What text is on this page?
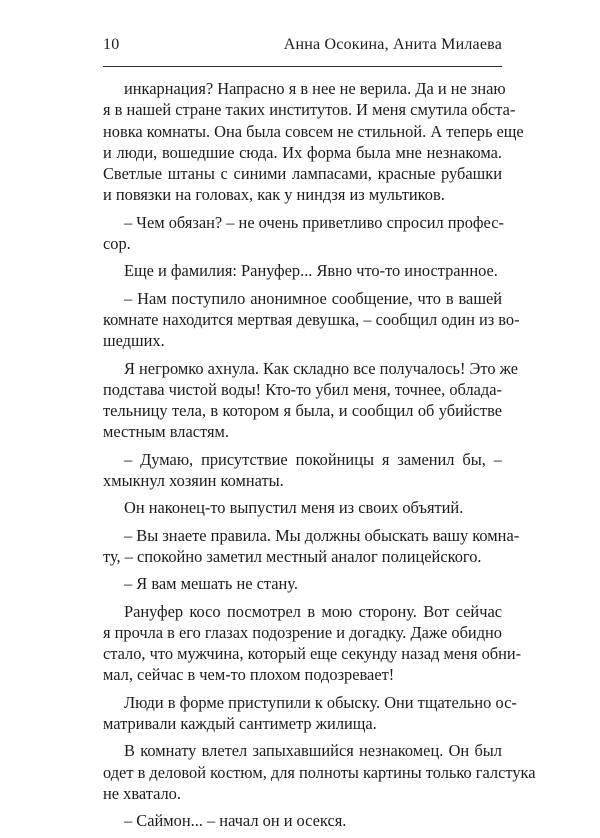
10	Анна Осокина, Анита Милаева
инкарнация? Напрасно я в нее не верила. Да и не знаю
я в нашей стране таких институтов. И меня смутила обста-
новка комнаты. Она была совсем не стильной. А теперь еще
и люди, вошедшие сюда. Их форма была мне незнакома.
Светлые штаны с синими лампасами, красные рубашки
и повязки на головах, как у ниндзя из мультиков.
– Чем обязан? – не очень приветливо спросил профес-
сор.
Еще и фамилия: Рануфер... Явно что-то иностранное.
– Нам поступило анонимное сообщение, что в вашей
комнате находится мертвая девушка, – сообщил один из во-
шедших.
Я негромко ахнула. Как складно все получалось! Это же
подстава чистой воды! Кто-то убил меня, точнее, облада-
тельницу тела, в котором я была, и сообщил об убийстве
местным властям.
– Думаю, присутствие покойницы я заменил бы, –
хмыкнул хозяин комнаты.
Он наконец-то выпустил меня из своих объятий.
– Вы знаете правила. Мы должны обыскать вашу комна-
ту, – спокойно заметил местный аналог полицейского.
– Я вам мешать не стану.
Рануфер косо посмотрел в мою сторону. Вот сейчас
я прочла в его глазах подозрение и догадку. Даже обидно
стало, что мужчина, который еще секунду назад меня обни-
мал, сейчас в чем-то плохом подозревает!
Люди в форме приступили к обыску. Они тщательно ос-
матривали каждый сантиметр жилища.
В комнату влетел запыхавшийся незнакомец. Он был
одет в деловой костюм, для полноты картины только галстука
не хватало.
– Саймон... – начал он и осекся.
